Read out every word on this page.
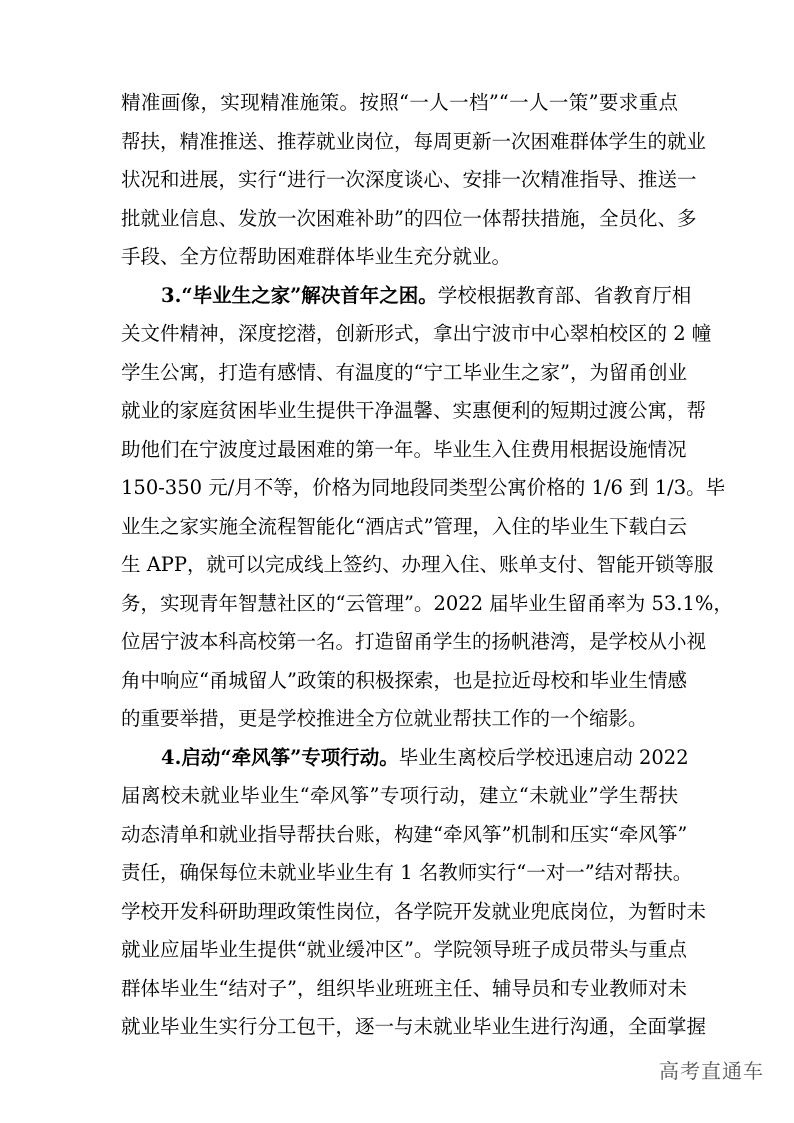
精准画像，实现精准施策。按照“一人一档”“一人一策”要求重点
帮扶，精准推送、推荐就业岗位，每周更新一次困难群体学生的就业
状况和进展，实行“进行一次深度谈心、安排一次精准指导、推送一
批就业信息、发放一次困难补助”的四位一体帮扶措施，全员化、多
手段、全方位帮助困难群体毕业生充分就业。
3.“毕业生之家”解决首年之困。学校根据教育部、省教育厅相
关文件精神，深度挖潜，创新形式，拿出宁波市中心翠柏校区的 2 幢
学生公寓，打造有感情、有温度的“宁工毕业生之家”，为留甬创业
就业的家庭贫困毕业生提供干净温馨、实惠便利的短期过渡公寓，帮
助他们在宁波度过最困难的第一年。毕业生入住费用根据设施情况
150-350 元/月不等，价格为同地段同类型公寓价格的 1/6 到 1/3。毕
业生之家实施全流程智能化“酒店式”管理，入住的毕业生下载白云
生 APP，就可以完成线上签约、办理入住、账单支付、智能开锁等服
务，实现青年智慧社区的“云管理”。2022 届毕业生留甬率为 53.1%，
位居宁波本科高校第一名。打造留甬学生的扬帆港湾，是学校从小视
角中响应“甬城留人”政策的积极探索，也是拉近母校和毕业生情感
的重要举措，更是学校推进全方位就业帮扶工作的一个缩影。
4.启动“牵风筝”专项行动。毕业生离校后学校迅速启动 2022
届离校未就业毕业生“牵风筝”专项行动，建立“未就业”学生帮扶
动态清单和就业指导帮扶台账，构建“牵风筝”机制和压实“牵风筝”
责任，确保每位未就业毕业生有 1 名教师实行“一对一”结对帮扶。
学校开发科研助理政策性岗位，各学院开发就业兜底岗位，为暂时未
就业应届毕业生提供“就业缓冲区”。学院领导班子成员带头与重点
群体毕业生“结对子”，组织毕业班班主任、辅导员和专业教师对未
就业毕业生实行分工包干，逐一与未就业毕业生进行沟通，全面掌握
高考直通车
